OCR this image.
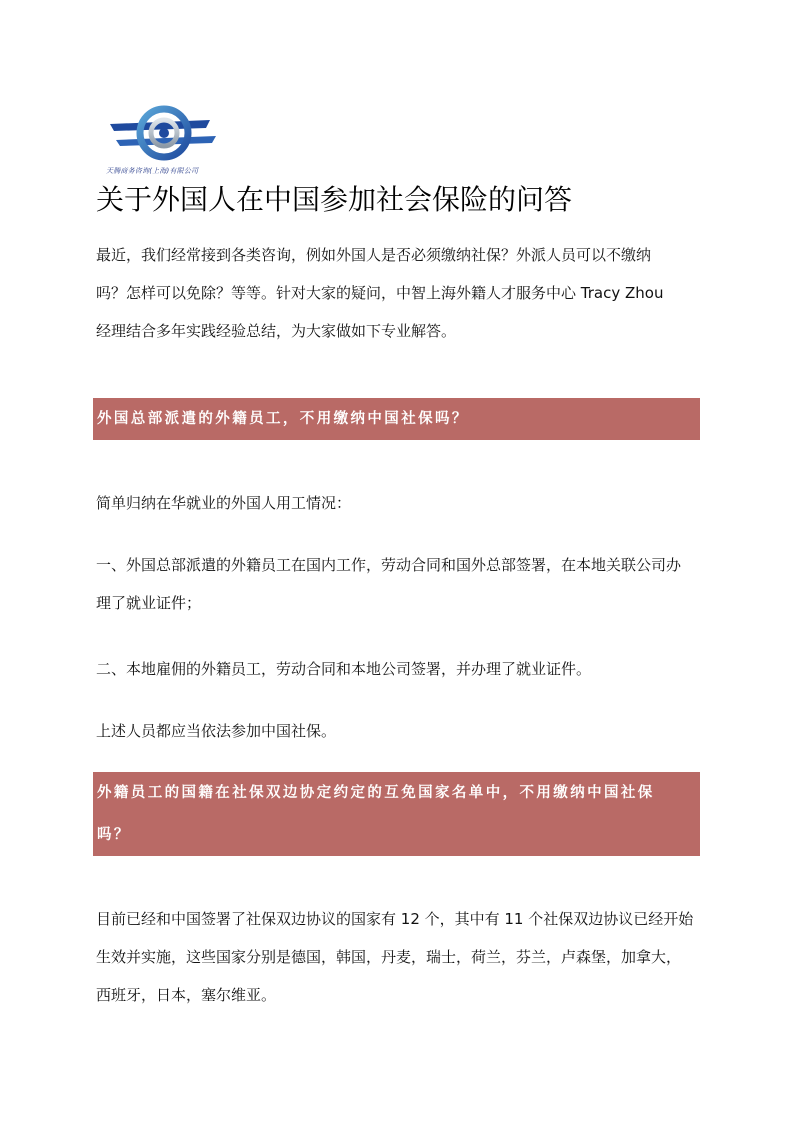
天腾商务咨询(上海)有限公司
关于外国人在中国参加社会保险的问答

最近，我们经常接到各类咨询，例如外国人是否必须缴纳社保？外派人员可以不缴纳
吗？怎样可以免除？等等。针对大家的疑问，中智上海外籍人才服务中心 Tracy Zhou
经理结合多年实践经验总结，为大家做如下专业解答。

外国总部派遣的外籍员工，不用缴纳中国社保吗？

简单归纳在华就业的外国人用工情况：

一、外国总部派遣的外籍员工在国内工作，劳动合同和国外总部签署，在本地关联公司办
理了就业证件；

二、本地雇佣的外籍员工，劳动合同和本地公司签署，并办理了就业证件。

上述人员都应当依法参加中国社保。

外籍员工的国籍在社保双边协定约定的互免国家名单中，不用缴纳中国社保
吗？

目前已经和中国签署了社保双边协议的国家有 12 个，其中有 11 个社保双边协议已经开始
生效并实施，这些国家分别是德国，韩国，丹麦，瑞士，荷兰，芬兰，卢森堡，加拿大，
西班牙，日本，塞尔维亚。
